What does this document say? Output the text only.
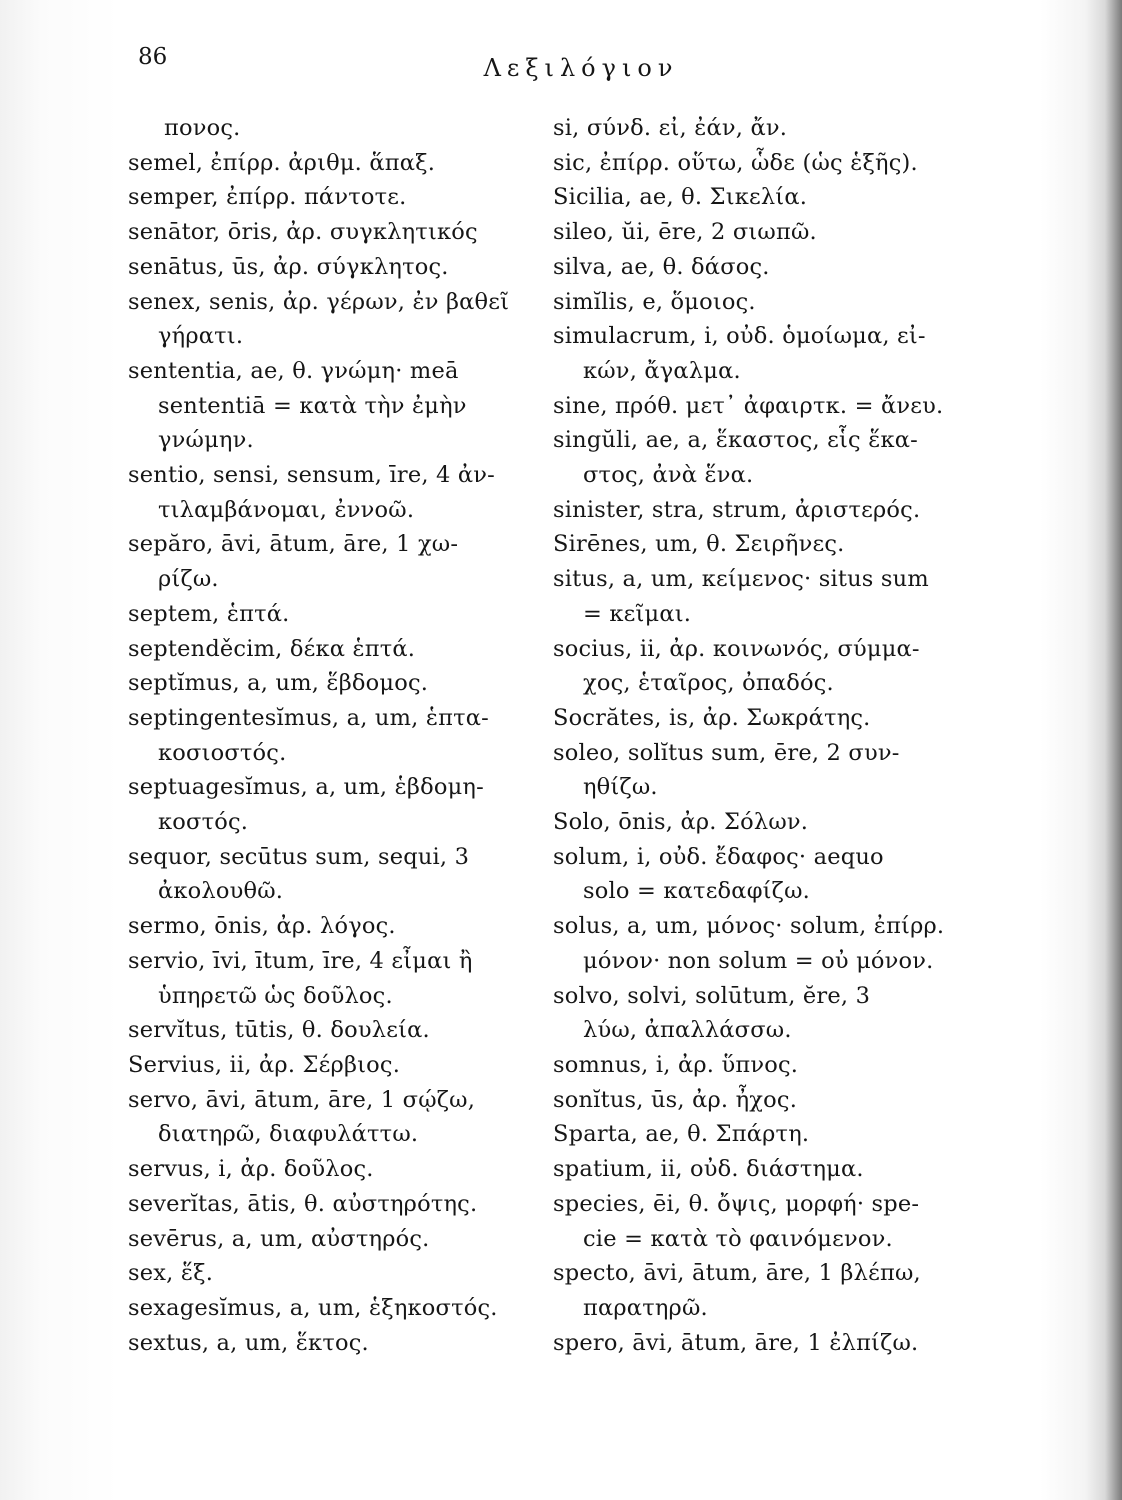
86	Λεξιλόγιον

πονος.

semel, ἐπίρρ. ἀριθμ. ἅπαξ.

semper, ἐπίρρ. πάντοτε.

senātor, ōris, ἀρ. συγκλητικός

senātus, ūs, ἀρ. σύγκλητος.

senex, senis, ἀρ. γέρων, ἐν βαθεῖ
γήρατι.

sententia, ae, θ. γνώμη· meā
sententiā = κατὰ τὴν ἐμὴν
γνώμην.

sentio, sensi, sensum, īre, 4 ἀν-
τιλαμβάνομαι, ἐννοῶ.

sepăro, āvi, ātum, āre, 1 χω-
ρίζω.

septem, ἑπτά.

septenděcim, δέκα ἑπτά.

septĭmus, a, um, ἕβδομος.

septingentesĭmus, a, um, ἑπτα-
κοσιοστός.

septuagesĭmus, a, um, ἑβδομη-
κοστός.

sequor, secūtus sum, sequi, 3
ἀκολουθῶ.

sermo, ōnis, ἀρ. λόγος.

servio, īvi, ītum, īre, 4 εἶμαι ἢ
ὑπηρετῶ ὡς δοῦλος.

servĭtus, tūtis, θ. δουλεία.

Servius, ii, ἀρ. Σέρβιος.

servo, āvi, ātum, āre, 1 σῴζω,
διατηρῶ, διαφυλάττω.

servus, i, ἀρ. δοῦλος.

severĭtas, ātis, θ. αὐστηρότης.

sevērus, a, um, αὐστηρός.

sex, ἕξ.

sexagesĭmus, a, um, ἑξηκοστός.

sextus, a, um, ἕκτος.

si, σύνδ. εἰ, ἐάν, ἄν.

sic, ἐπίρρ. οὕτω, ὧδε (ὡς ἑξῆς).

Sicilia, ae, θ. Σικελία.

sileo, ŭi, ēre, 2 σιωπῶ.

silva, ae, θ. δάσος.

simĭlis, e, ὅμοιος.

simulacrum, i, οὐδ. ὁμοίωμα, εἰ-
κών, ἄγαλμα.

sine, πρόθ. μετ᾽ ἀφαιρτκ. = ἄνευ.

singŭli, ae, a, ἕκαστος, εἷς ἕκα-
στος, ἀνὰ ἕνα.

sinister, stra, strum, ἀριστερός.

Sirēnes, um, θ. Σειρῆνες.

situs, a, um, κείμενος· situs sum
= κεῖμαι.

socius, ii, ἀρ. κοινωνός, σύμμα-
χος, ἑταῖρος, ὀπαδός.

Socrătes, is, ἀρ. Σωκράτης.

soleo, solĭtus sum, ēre, 2 συν-
ηθίζω.

Solo, ōnis, ἀρ. Σόλων.

solum, i, οὐδ. ἔδαφος· aequo
solo = κατεδαφίζω.

solus, a, um, μόνος· solum, ἐπίρρ.
μόνον· non solum = οὐ μόνον.

solvo, solvi, solūtum, ĕre, 3
λύω, ἀπαλλάσσω.

somnus, i, ἀρ. ὕπνος.

sonĭtus, ūs, ἀρ. ἦχος.

Sparta, ae, θ. Σπάρτη.

spatium, ii, οὐδ. διάστημα.

species, ēi, θ. ὄψις, μορφή· spe-
cie = κατὰ τὸ φαινόμενον.

specto, āvi, ātum, āre, 1 βλέπω,
παρατηρῶ.

spero, āvi, ātum, āre, 1 ἐλπίζω.
